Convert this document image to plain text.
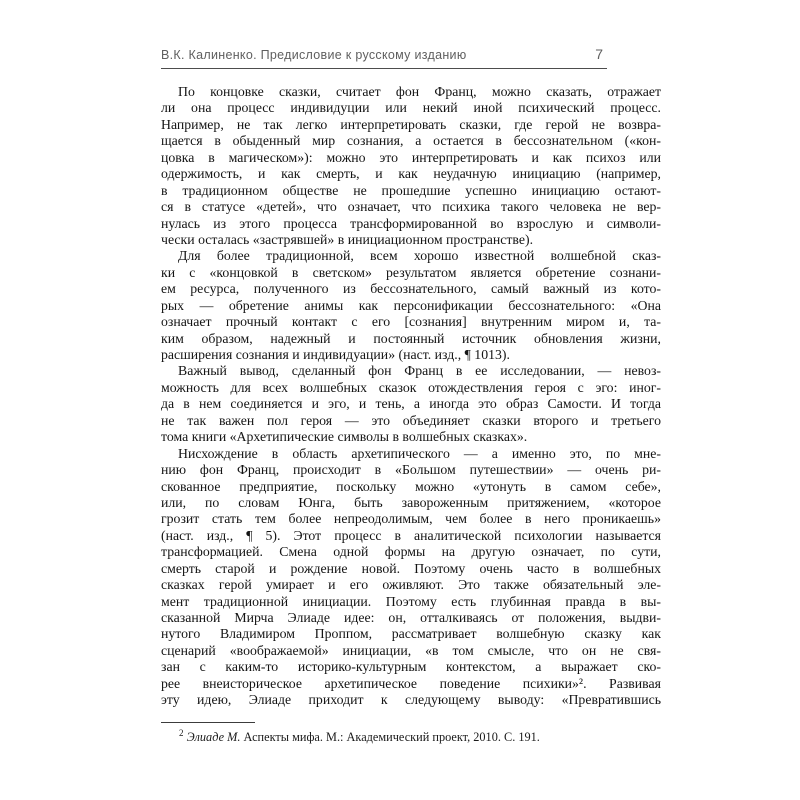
В.К. Калиненко. Предисловие к русскому изданию	7
По концовке сказки, считает фон Франц, можно сказать, отражает
ли она процесс индивидуции или некий иной психический процесс.
Например, не так легко интерпретировать сказки, где герой не возвра-
щается в обыденный мир сознания, а остается в бессознательном («кон-
цовка в магическом»): можно это интерпретировать и как психоз или
одержимость, и как смерть, и как неудачную инициацию (например,
в традиционном обществе не прошедшие успешно инициацию остают-
ся в статусе «детей», что означает, что психика такого человека не вер-
нулась из этого процесса трансформированной во взрослую и символи-
чески осталась «застрявшей» в инициационном пространстве).
Для более традиционной, всем хорошо известной волшебной сказ-
ки с «концовкой в светском» результатом является обретение сознани-
ем ресурса, полученного из бессознательного, самый важный из кото-
рых — обретение анимы как персонификации бессознательного: «Она
означает прочный контакт с его [сознания] внутренним миром и, та-
ким образом, надежный и постоянный источник обновления жизни,
расширения сознания и индивидуации» (наст. изд., ¶ 1013).
Важный вывод, сделанный фон Франц в ее исследовании, — невоз-
можность для всех волшебных сказок отождествления героя с эго: иног-
да в нем соединяется и эго, и тень, а иногда это образ Самости. И тогда
не так важен пол героя — это объединяет сказки второго и третьего
тома книги «Архетипические символы в волшебных сказках».
Нисхождение в область архетипического — а именно это, по мне-
нию фон Франц, происходит в «Большом путешествии» — очень ри-
скованное предприятие, поскольку можно «утонуть в самом себе»,
или, по словам Юнга, быть завороженным притяжением, «которое
грозит стать тем более непреодолимым, чем более в него проникаешь»
(наст. изд., ¶ 5). Этот процесс в аналитической психологии называется
трансформацией. Смена одной формы на другую означает, по сути,
смерть старой и рождение новой. Поэтому очень часто в волшебных
сказках герой умирает и его оживляют. Это также обязательный эле-
мент традиционной инициации. Поэтому есть глубинная правда в вы-
сказанной Мирча Элиаде идее: он, отталкиваясь от положения, выдви-
нутого Владимиром Проппом, рассматривает волшебную сказку как
сценарий «воображаемой» инициации, «в том смысле, что он не свя-
зан с каким-то историко-культурным контекстом, а выражает ско-
рее внеисторическое архетипическое поведение психики»². Развивая
эту идею, Элиаде приходит к следующему выводу: «Превратившись
$^2$ Элиаде М. Аспекты мифа. М.: Академический проект, 2010. С. 191.
